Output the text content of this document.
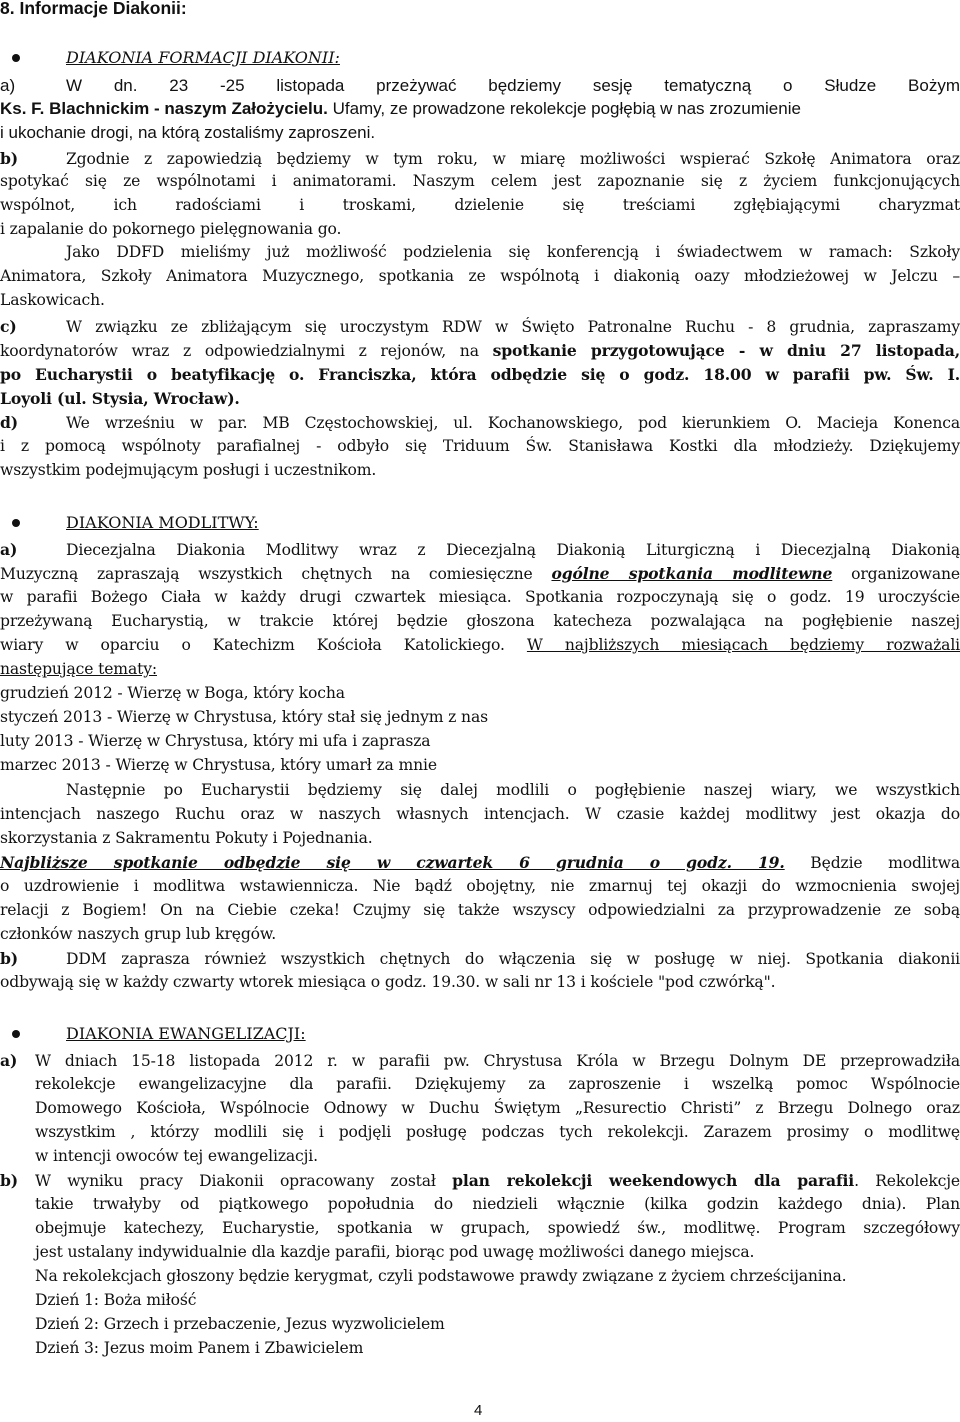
8. Informacje Diakonii:
DIAKONIA FORMACJI DIAKONII:

a)	W dn. 23 -25 listopada przeżywać będziemy sesję tematyczną o Słudze Bożym

Ks. F. Blachnickim - naszym Założycielu. Ufamy, ze prowadzone rekolekcje pogłębią w nas zrozumienie

i ukochanie drogi, na którą zostaliśmy zaproszeni.

b)	Zgodnie z zapowiedzią będziemy w tym roku, w miarę możliwości wspierać Szkołę Animatora oraz

spotykać się ze wspólnotami i animatorami. Naszym celem jest zapoznanie się z życiem funkcjonujących

wspólnot, ich radościami i troskami, dzielenie się treściami zgłębiającymi charyzmat

i zapalanie do pokornego pielęgnowania go.

Jako DDFD mieliśmy już możliwość podzielenia się konferencją i świadectwem w ramach: Szkoły

Animatora, Szkoły Animatora Muzycznego, spotkania ze wspólnotą i diakonią oazy młodzieżowej w Jelczu –

Laskowicach.

c)	W związku ze zbliżającym się uroczystym RDW w Święto Patronalne Ruchu - 8 grudnia, zapraszamy

koordynatorów wraz z odpowiedzialnymi z rejonów, na spotkanie przygotowujące - w dniu 27 listopada,

po Eucharystii o beatyfikację o. Franciszka, która odbędzie się o godz. 18.00 w parafii pw. Św. I.

Loyoli (ul. Stysia, Wrocław).

d)	We wrześniu w par. MB Częstochowskiej, ul. Kochanowskiego, pod kierunkiem O. Macieja Konenca

i z pomocą wspólnoty parafialnej - odbyło się Triduum Św. Stanisława Kostki dla młodzieży. Dziękujemy

wszystkim podejmującym posługi i uczestnikom.

DIAKONIA MODLITWY:

a)	Diecezjalna Diakonia Modlitwy wraz z Diecezjalną Diakonią Liturgiczną i Diecezjalną Diakonią

Muzyczną zapraszają wszystkich chętnych na comiesięczne ogólne spotkania modlitewne organizowane

w parafii Bożego Ciała w każdy drugi czwartek miesiąca. Spotkania rozpoczynają się o godz. 19 uroczyście

przeżywaną Eucharystią, w trakcie której będzie głoszona katecheza pozwalająca na pogłębienie naszej

wiary w oparciu o Katechizm Kościoła Katolickiego. W najbliższych miesiącach będziemy rozważali

następujące tematy:

grudzień 2012 - Wierzę w Boga, który kocha

styczeń 2013 - Wierzę w Chrystusa, który stał się jednym z nas

luty 2013 - Wierzę w Chrystusa, który mi ufa i zaprasza

marzec 2013 - Wierzę w Chrystusa, który umarł za mnie

Następnie po Eucharystii będziemy się dalej modlili o pogłębienie naszej wiary, we wszystkich

intencjach naszego Ruchu oraz w naszych własnych intencjach. W czasie każdej modlitwy jest okazja do

skorzystania z Sakramentu Pokuty i Pojednania.

Najbliższe spotkanie odbędzie się w czwartek 6 grudnia o godz. 19. Będzie modlitwa

o uzdrowienie i modlitwa wstawiennicza. Nie bądź obojętny, nie zmarnuj tej okazji do wzmocnienia swojej

relacji z Bogiem! On na Ciebie czeka! Czujmy się także wszyscy odpowiedzialni za przyprowadzenie ze sobą

członków naszych grup lub kręgów.

b)	DDM zaprasza również wszystkich chętnych do włączenia się w posługę w niej. Spotkania diakonii

odbywają się w każdy czwarty wtorek miesiąca o godz. 19.30. w sali nr 13 i kościele "pod czwórką".

DIAKONIA EWANGELIZACJI:

a) W dniach 15-18 listopada 2012 r. w parafii pw. Chrystusa Króla w Brzegu Dolnym DE przeprowadziła

rekolekcje ewangelizacyjne dla parafii. Dziękujemy za zaproszenie i wszelką pomoc Wspólnocie

Domowego Kościoła, Wspólnocie Odnowy w Duchu Świętym „Resurectio Christi” z Brzegu Dolnego oraz

wszystkim , którzy modlili się i podjęli posługę podczas tych rekolekcji. Zarazem prosimy o modlitwę

w intencji owoców tej ewangelizacji.

b) W wyniku pracy Diakonii opracowany został plan rekolekcji weekendowych dla parafii. Rekolekcje

takie trwałyby od piątkowego popołudnia do niedzieli włącznie (kilka godzin każdego dnia). Plan

obejmuje katechezy, Eucharystie, spotkania w grupach, spowiedź św., modlitwę. Program szczegółowy

jest ustalany indywidualnie dla kazdje parafii, biorąc pod uwagę możliwości danego miejsca.

Na rekolekcjach głoszony będzie kerygmat, czyli podstawowe prawdy związane z życiem chrześcijanina.

Dzień 1: Boża miłość

Dzień 2: Grzech i przebaczenie, Jezus wyzwolicielem

Dzień 3: Jezus moim Panem i Zbawicielem

4
